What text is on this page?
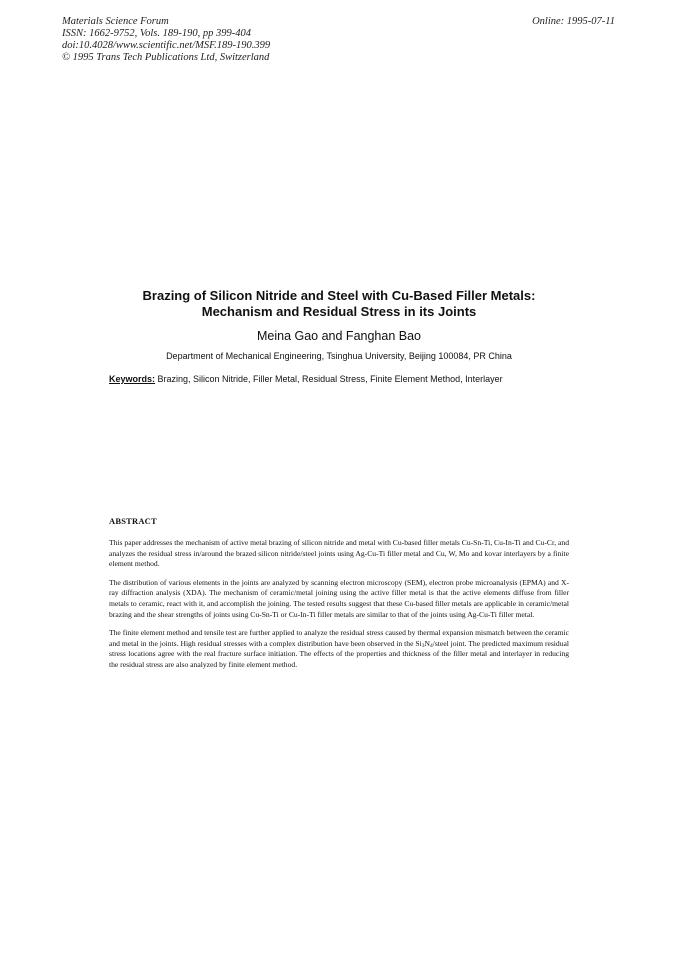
Materials Science Forum
ISSN: 1662-9752, Vols. 189-190, pp 399-404
doi:10.4028/www.scientific.net/MSF.189-190.399
© 1995 Trans Tech Publications Ltd, Switzerland
Online: 1995-07-11
Brazing of Silicon Nitride and Steel with Cu-Based Filler Metals:
Mechanism and Residual Stress in its Joints
Meina Gao and Fanghan Bao
Department of Mechanical Engineering, Tsinghua University, Beijing 100084, PR China
Keywords: Brazing, Silicon Nitride, Filler Metal, Residual Stress, Finite Element Method, Interlayer
ABSTRACT

This paper addresses the mechanism of active metal brazing of silicon nitride and metal with Cu-based filler metals Cu-Sn-Ti, Cu-In-Ti and Cu-Cr, and analyzes the residual stress in/around the brazed silicon nitride/steel joints using Ag-Cu-Ti filler metal and Cu, W, Mo and kovar interlayers by a finite element method.

The distribution of various elements in the joints are analyzed by scanning electron microscopy (SEM), electron probe microanalysis (EPMA) and X-ray diffraction analysis (XDA). The mechanism of ceramic/metal joining using the active filler metal is that the active elements diffuse from filler metals to ceramic, react with it, and accomplish the joining. The tested results suggest that these Cu-based filler metals are applicable in ceramic/metal brazing and the shear strengths of joints using Cu-Sn-Ti or Cu-In-Ti filler metals are similar to that of the joints using Ag-Cu-Ti filler metal.

The finite element method and tensile test are further applied to analyze the residual stress caused by thermal expansion mismatch between the ceramic and metal in the joints. High residual stresses with a complex distribution have been observed in the $Si_3N_4$/steel joint. The predicted maximum residual stress locations agree with the real fracture surface initiation. The effects of the properties and thickness of the filler metal and interlayer in reducing the residual stress are also analyzed by finite element method.
